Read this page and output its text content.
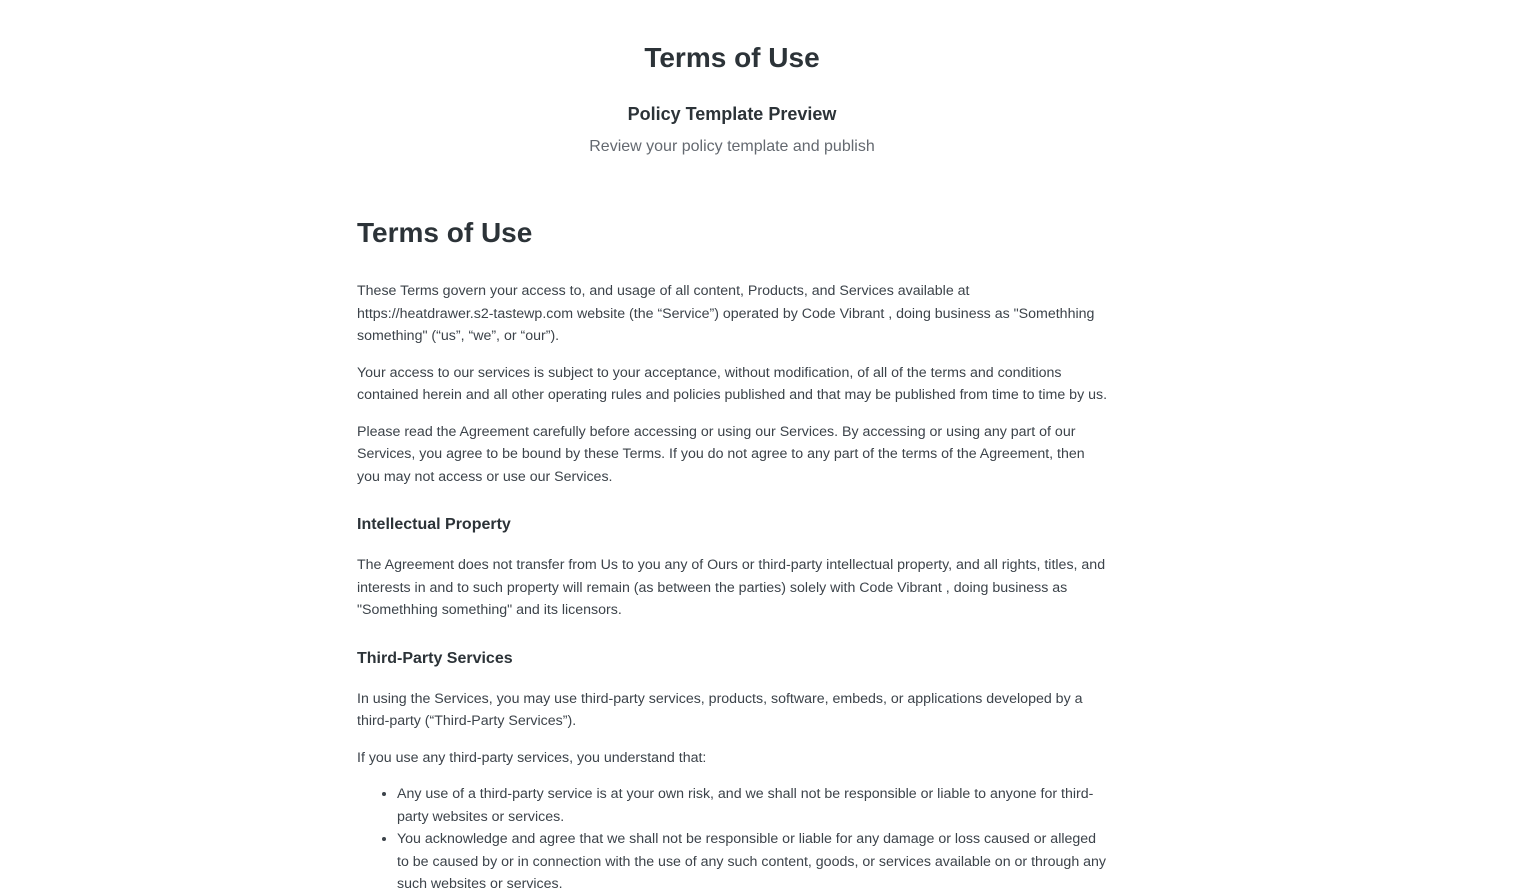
Terms of Use
Policy Template Preview
Review your policy template and publish
Terms of Use

These Terms govern your access to, and usage of all content, Products, and Services available at https://heatdrawer.s2-tastewp.com website (the “Service”) operated by Code Vibrant , doing business as "Somethhing something" (“us”, “we”, or “our”).

Your access to our services is subject to your acceptance, without modification, of all of the terms and conditions contained herein and all other operating rules and policies published and that may be published from time to time by us.

Please read the Agreement carefully before accessing or using our Services. By accessing or using any part of our Services, you agree to be bound by these Terms. If you do not agree to any part of the terms of the Agreement, then you may not access or use our Services.

Intellectual Property

The Agreement does not transfer from Us to you any of Ours or third-party intellectual property, and all rights, titles, and interests in and to such property will remain (as between the parties) solely with Code Vibrant , doing business as "Somethhing something" and its licensors.

Third-Party Services

In using the Services, you may use third-party services, products, software, embeds, or applications developed by a third-party (“Third-Party Services”).

If you use any third-party services, you understand that:

• Any use of a third-party service is at your own risk, and we shall not be responsible or liable to anyone for third-party websites or services.
• You acknowledge and agree that we shall not be responsible or liable for any damage or loss caused or alleged to be caused by or in connection with the use of any such content, goods, or services available on or through any such websites or services.
